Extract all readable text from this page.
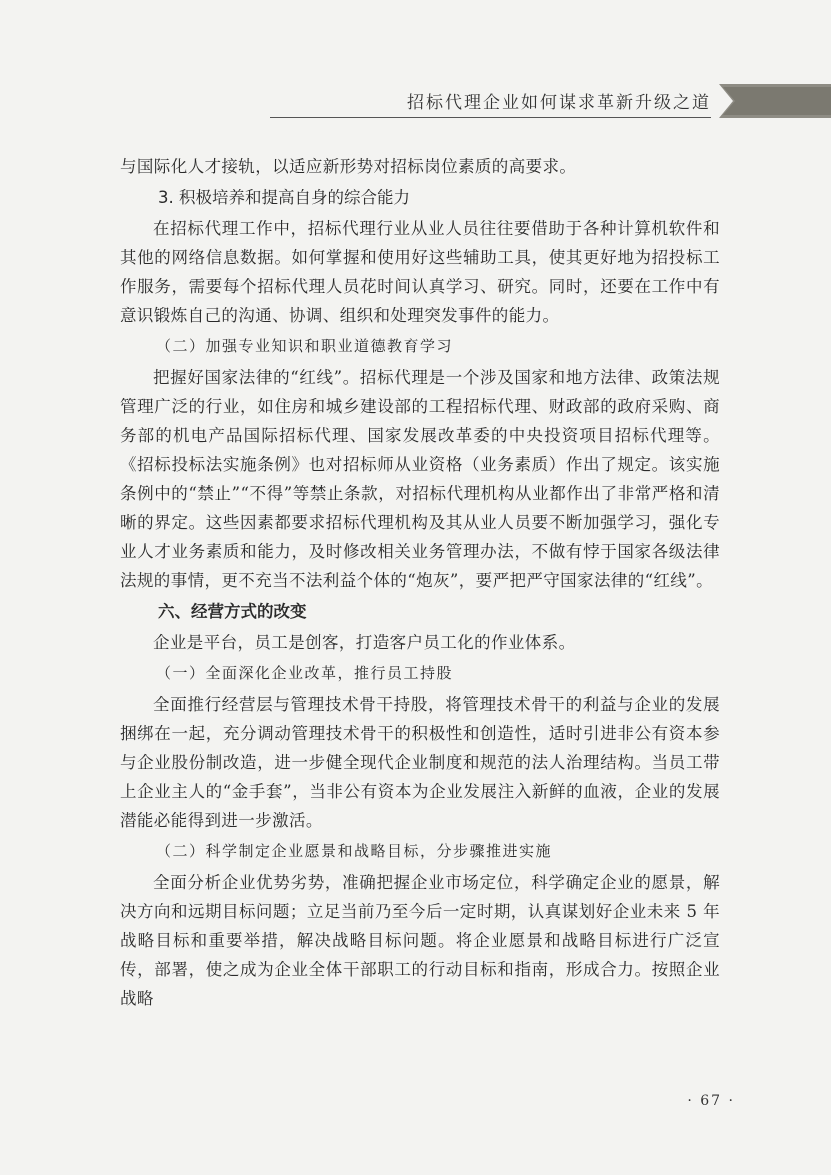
招标代理企业如何谋求革新升级之道

与国际化人才接轨，以适应新形势对招标岗位素质的高要求。

3. 积极培养和提高自身的综合能力

在招标代理工作中，招标代理行业从业人员往往要借助于各种计算机软件和其他的网络信息数据。如何掌握和使用好这些辅助工具，使其更好地为招投标工作服务，需要每个招标代理人员花时间认真学习、研究。同时，还要在工作中有意识锻炼自己的沟通、协调、组织和处理突发事件的能力。

（二）加强专业知识和职业道德教育学习

把握好国家法律的“红线”。招标代理是一个涉及国家和地方法律、政策法规管理广泛的行业，如住房和城乡建设部的工程招标代理、财政部的政府采购、商务部的机电产品国际招标代理、国家发展改革委的中央投资项目招标代理等。《招标投标法实施条例》也对招标师从业资格（业务素质）作出了规定。该实施条例中的“禁止”“不得”等禁止条款，对招标代理机构从业都作出了非常严格和清晰的界定。这些因素都要求招标代理机构及其从业人员要不断加强学习，强化专业人才业务素质和能力，及时修改相关业务管理办法，不做有悖于国家各级法律法规的事情，更不充当不法利益个体的“炮灰”，要严把严守国家法律的“红线”。

六、经营方式的改变

企业是平台，员工是创客，打造客户员工化的作业体系。

（一）全面深化企业改革，推行员工持股

全面推行经营层与管理技术骨干持股，将管理技术骨干的利益与企业的发展捆绑在一起，充分调动管理技术骨干的积极性和创造性，适时引进非公有资本参与企业股份制改造，进一步健全现代企业制度和规范的法人治理结构。当员工带上企业主人的“金手套”，当非公有资本为企业发展注入新鲜的血液，企业的发展潜能必能得到进一步激活。

（二）科学制定企业愿景和战略目标，分步骤推进实施

全面分析企业优势劣势，准确把握企业市场定位，科学确定企业的愿景，解决方向和远期目标问题；立足当前乃至今后一定时期，认真谋划好企业未来 5 年战略目标和重要举措，解决战略目标问题。将企业愿景和战略目标进行广泛宣传，部署，使之成为企业全体干部职工的行动目标和指南，形成合力。按照企业战略

· 67 ·
